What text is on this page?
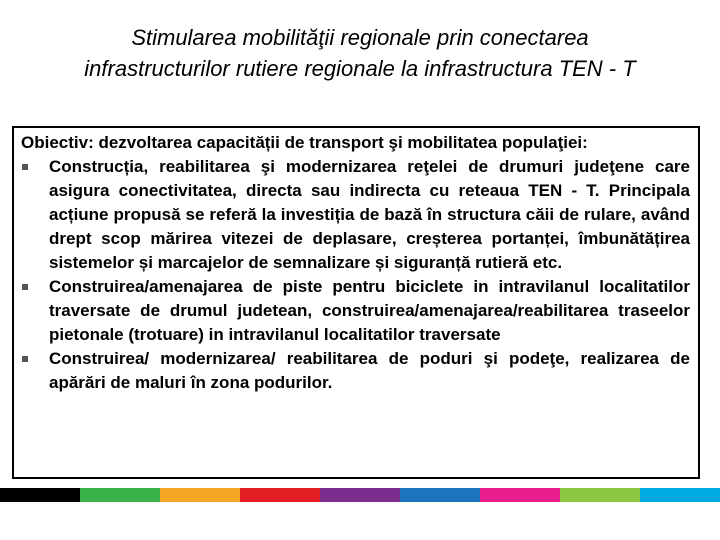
Stimularea mobilităţii regionale prin conectarea
infrastructurilor rutiere regionale la infrastructura TEN - T
Obiectiv: dezvoltarea capacității de transport şi mobilitatea populaţiei:
Construcția, reabilitarea şi modernizarea reţelei de drumuri judeţene care asigura conectivitatea, directa sau indirecta cu reteaua TEN - T. Principala acțiune propusă se referă la investiția de bază în structura căii de rulare, având drept scop mărirea vitezei de deplasare, creșterea portanței, îmbunătățirea sistemelor și marcajelor de semnalizare și siguranță rutieră etc.
Construirea/amenajarea de piste pentru biciclete in intravilanul localitatilor traversate de drumul judetean, construirea/amenajarea/reabilitarea traseelor pietonale (trotuare) in intravilanul localitatilor traversate
Construirea/ modernizarea/ reabilitarea de poduri şi podeţe, realizarea de apărări de maluri în zona podurilor.
